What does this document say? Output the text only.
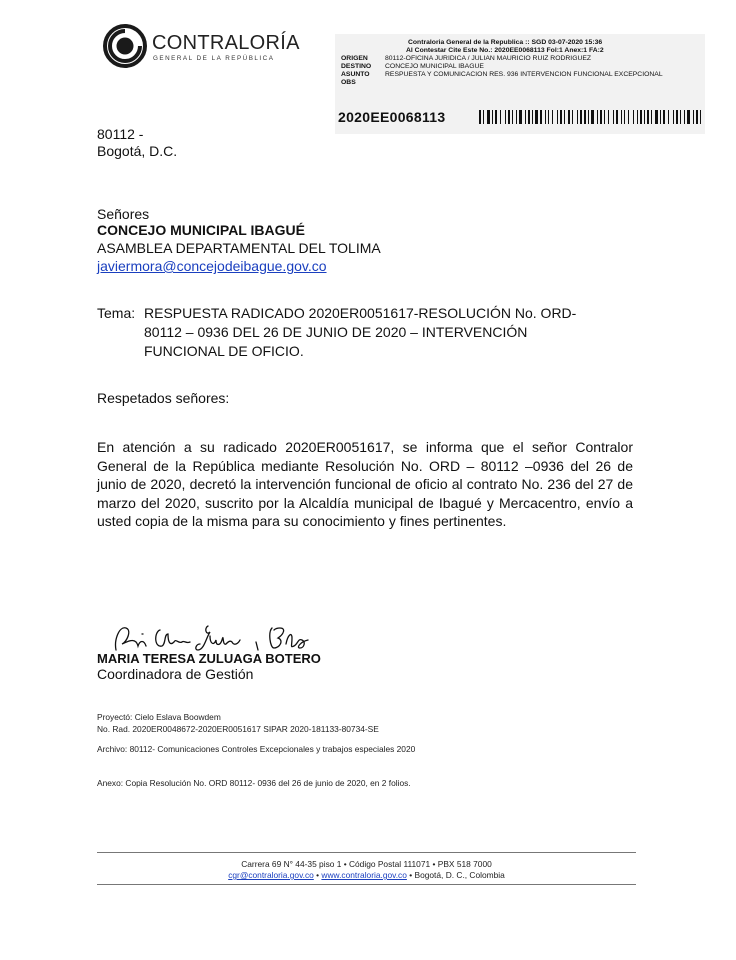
CONTRALORÍA
GENERAL DE LA REPÚBLICA
Contraloria General de la Republica :: SGD 03-07-2020 15:36
Al Contestar Cite Este No.: 2020EE0068113 Fol:1 Anex:1 FA:2
ORIGEN	80112-OFICINA JURIDICA / JULIAN MAURICIO RUIZ RODRIGUEZ
DESTINO CONCEJO MUNICIPAL IBAGUE
ASUNTO RESPUESTA Y COMUNICACION RES. 936 INTERVENCION FUNCIONAL EXCEPCIONAL
OBS
2020EE0068113
80112 -
Bogotá, D.C.
Señores
CONCEJO MUNICIPAL IBAGUÉ
ASAMBLEA DEPARTAMENTAL DEL TOLIMA
javiermora@concejodeibague.gov.co
Tema: RESPUESTA RADICADO 2020ER0051617-RESOLUCIÓN No. ORD-
80112 – 0936 DEL 26 DE JUNIO DE 2020 – INTERVENCIÓN
FUNCIONAL DE OFICIO.
Respetados señores:
En atención a su radicado 2020ER0051617, se informa que el señor Contralor General de la República mediante Resolución No. ORD – 80112 –0936 del 26 de junio de 2020, decretó la intervención funcional de oficio al contrato No. 236 del 27 de marzo del 2020, suscrito por la Alcaldía municipal de Ibagué y Mercacentro, envío a usted copia de la misma para su conocimiento y fines pertinentes.
MARIA TERESA ZULUAGA BOTERO
Coordinadora de Gestión
Proyectó: Cielo Eslava Boowdem
No. Rad. 2020ER0048672-2020ER0051617 SIPAR 2020-181133-80734-SE
Archivo: 80112- Comunicaciones Controles Excepcionales y trabajos especiales 2020
Anexo: Copia Resolución No. ORD 80112- 0936 del 26 de junio de 2020, en 2 folios.
Carrera 69 N° 44-35 piso 1 • Código Postal 111071 • PBX 518 7000
cgr@contraloria.gov.co • www.contraloria.gov.co • Bogotá, D. C., Colombia
